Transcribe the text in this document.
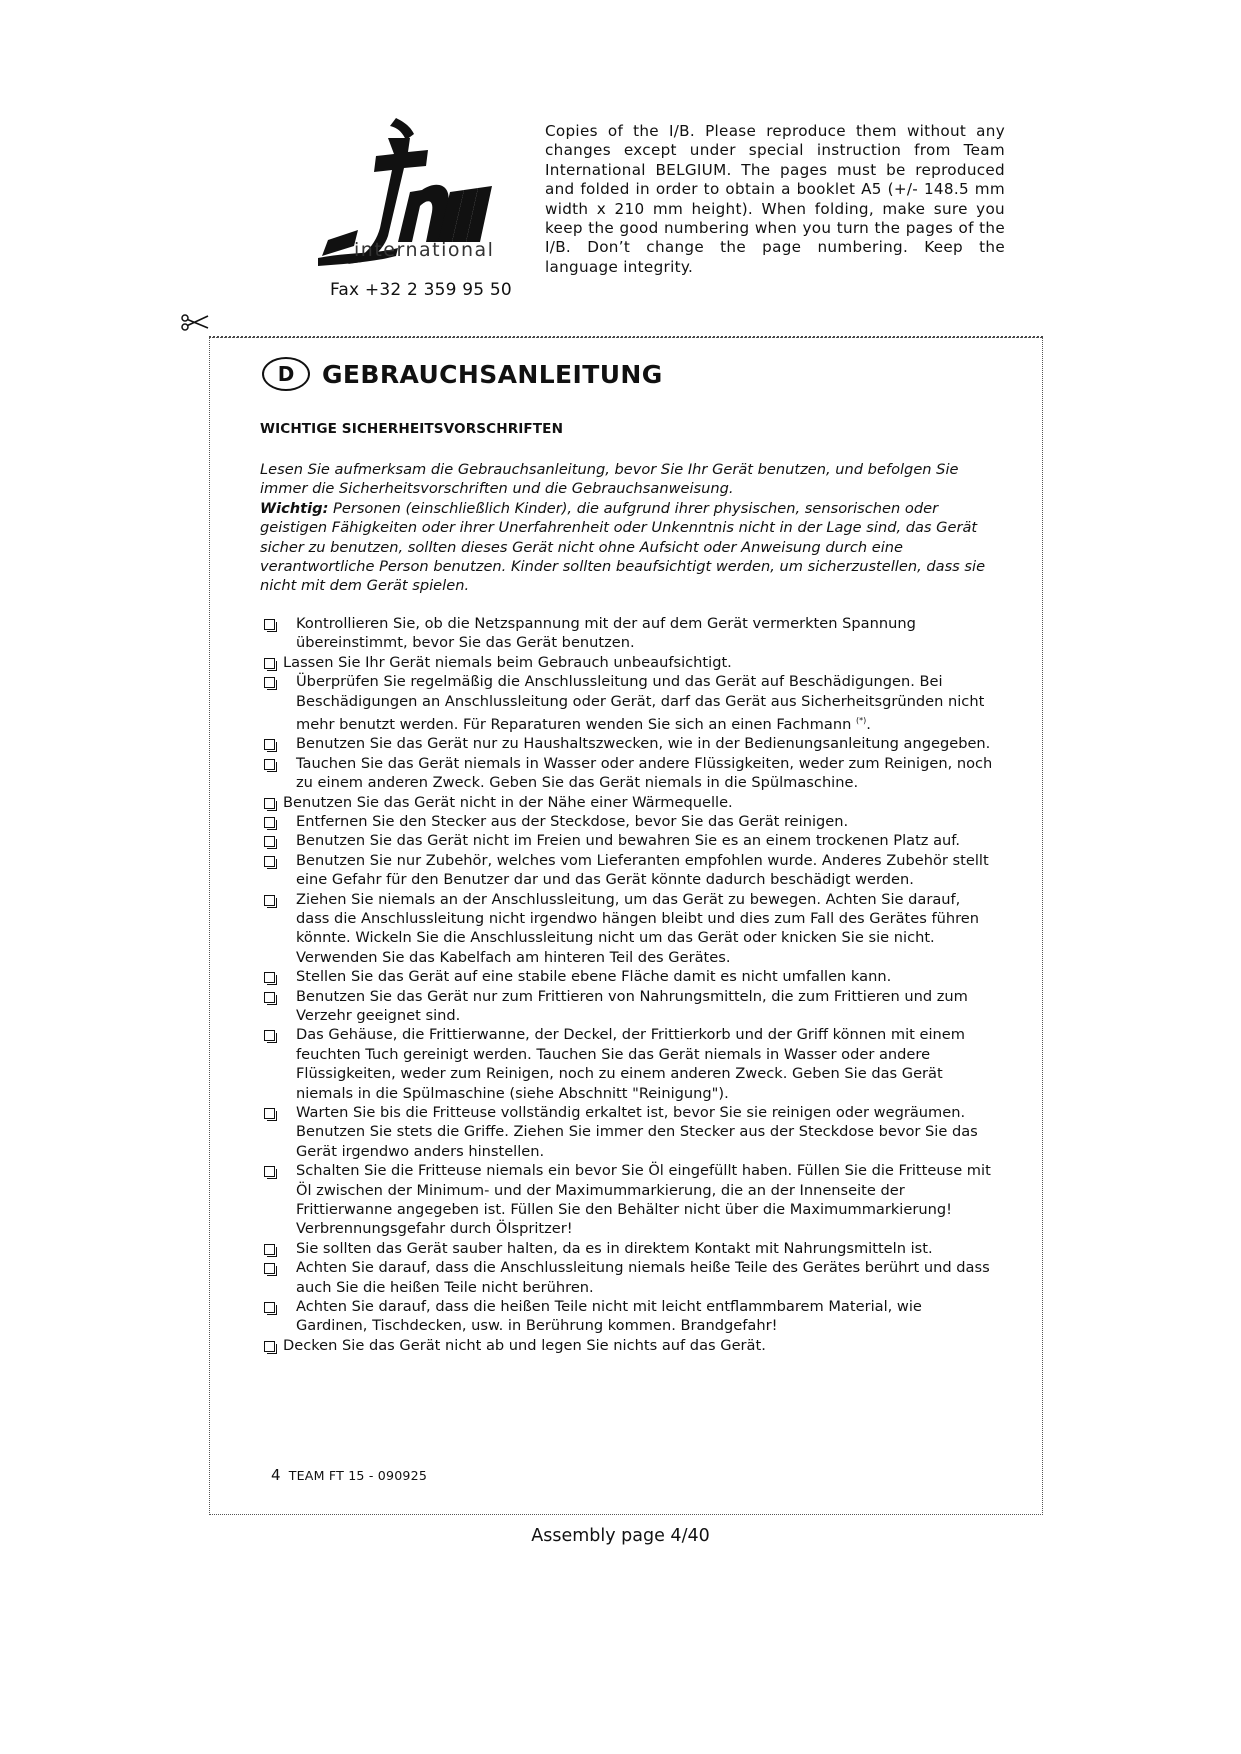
international
Fax +32 2 359 95 50
Copies of the I/B. Please reproduce them without any changes except under special instruction from Team International BELGIUM. The pages must be reproduced and folded in order to obtain a booklet A5 (+/- 148.5 mm width x 210 mm height). When folding, make sure you keep the good numbering when you turn the pages of the I/B. Don’t change the page numbering. Keep the language integrity.
D	GEBRAUCHSANLEITUNG
WICHTIGE SICHERHEITSVORSCHRIFTEN

Lesen Sie aufmerksam die Gebrauchsanleitung, bevor Sie Ihr Gerät benutzen, und befolgen Sie immer die Sicherheitsvorschriften und die Gebrauchsanweisung.

Wichtig: Personen (einschließlich Kinder), die aufgrund ihrer physischen, sensorischen oder geistigen Fähigkeiten oder ihrer Unerfahrenheit oder Unkenntnis nicht in der Lage sind, das Gerät sicher zu benutzen, sollten dieses Gerät nicht ohne Aufsicht oder Anweisung durch eine verantwortliche Person benutzen. Kinder sollten beaufsichtigt werden, um sicherzustellen, dass sie nicht mit dem Gerät spielen.

Kontrollieren Sie, ob die Netzspannung mit der auf dem Gerät vermerkten Spannung übereinstimmt, bevor Sie das Gerät benutzen.
Lassen Sie Ihr Gerät niemals beim Gebrauch unbeaufsichtigt.
Überprüfen Sie regelmäßig die Anschlussleitung und das Gerät auf Beschädigungen. Bei Beschädigungen an Anschlussleitung oder Gerät, darf das Gerät aus Sicherheitsgründen nicht mehr benutzt werden. Für Reparaturen wenden Sie sich an einen Fachmann (*).
Benutzen Sie das Gerät nur zu Haushaltszwecken, wie in der Bedienungsanleitung angegeben.
Tauchen Sie das Gerät niemals in Wasser oder andere Flüssigkeiten, weder zum Reinigen, noch zu einem anderen Zweck. Geben Sie das Gerät niemals in die Spülmaschine.
Benutzen Sie das Gerät nicht in der Nähe einer Wärmequelle.
Entfernen Sie den Stecker aus der Steckdose, bevor Sie das Gerät reinigen.
Benutzen Sie das Gerät nicht im Freien und bewahren Sie es an einem trockenen Platz auf.
Benutzen Sie nur Zubehör, welches vom Lieferanten empfohlen wurde. Anderes Zubehör stellt eine Gefahr für den Benutzer dar und das Gerät könnte dadurch beschädigt werden.
Ziehen Sie niemals an der Anschlussleitung, um das Gerät zu bewegen. Achten Sie darauf, dass die Anschlussleitung nicht irgendwo hängen bleibt und dies zum Fall des Gerätes führen könnte. Wickeln Sie die Anschlussleitung nicht um das Gerät oder knicken Sie sie nicht. Verwenden Sie das Kabelfach am hinteren Teil des Gerätes.
Stellen Sie das Gerät auf eine stabile ebene Fläche damit es nicht umfallen kann.
Benutzen Sie das Gerät nur zum Frittieren von Nahrungsmitteln, die zum Frittieren und zum Verzehr geeignet sind.
Das Gehäuse, die Frittierwanne, der Deckel, der Frittierkorb und der Griff können mit einem feuchten Tuch gereinigt werden. Tauchen Sie das Gerät niemals in Wasser oder andere Flüssigkeiten, weder zum Reinigen, noch zu einem anderen Zweck. Geben Sie das Gerät niemals in die Spülmaschine (siehe Abschnitt "Reinigung").
Warten Sie bis die Fritteuse vollständig erkaltet ist, bevor Sie sie reinigen oder wegräumen. Benutzen Sie stets die Griffe. Ziehen Sie immer den Stecker aus der Steckdose bevor Sie das Gerät irgendwo anders hinstellen.
Schalten Sie die Fritteuse niemals ein bevor Sie Öl eingefüllt haben. Füllen Sie die Fritteuse mit Öl zwischen der Minimum- und der Maximummarkierung, die an der Innenseite der Frittierwanne angegeben ist. Füllen Sie den Behälter nicht über die Maximummarkierung! Verbrennungsgefahr durch Ölspritzer!
Sie sollten das Gerät sauber halten, da es in direktem Kontakt mit Nahrungsmitteln ist.
Achten Sie darauf, dass die Anschlussleitung niemals heiße Teile des Gerätes berührt und dass auch Sie die heißen Teile nicht berühren.
Achten Sie darauf, dass die heißen Teile nicht mit leicht entflammbarem Material, wie Gardinen, Tischdecken, usw. in Berührung kommen. Brandgefahr!
Decken Sie das Gerät nicht ab und legen Sie nichts auf das Gerät.
4 TEAM FT 15 - 090925
Assembly page 4/40
